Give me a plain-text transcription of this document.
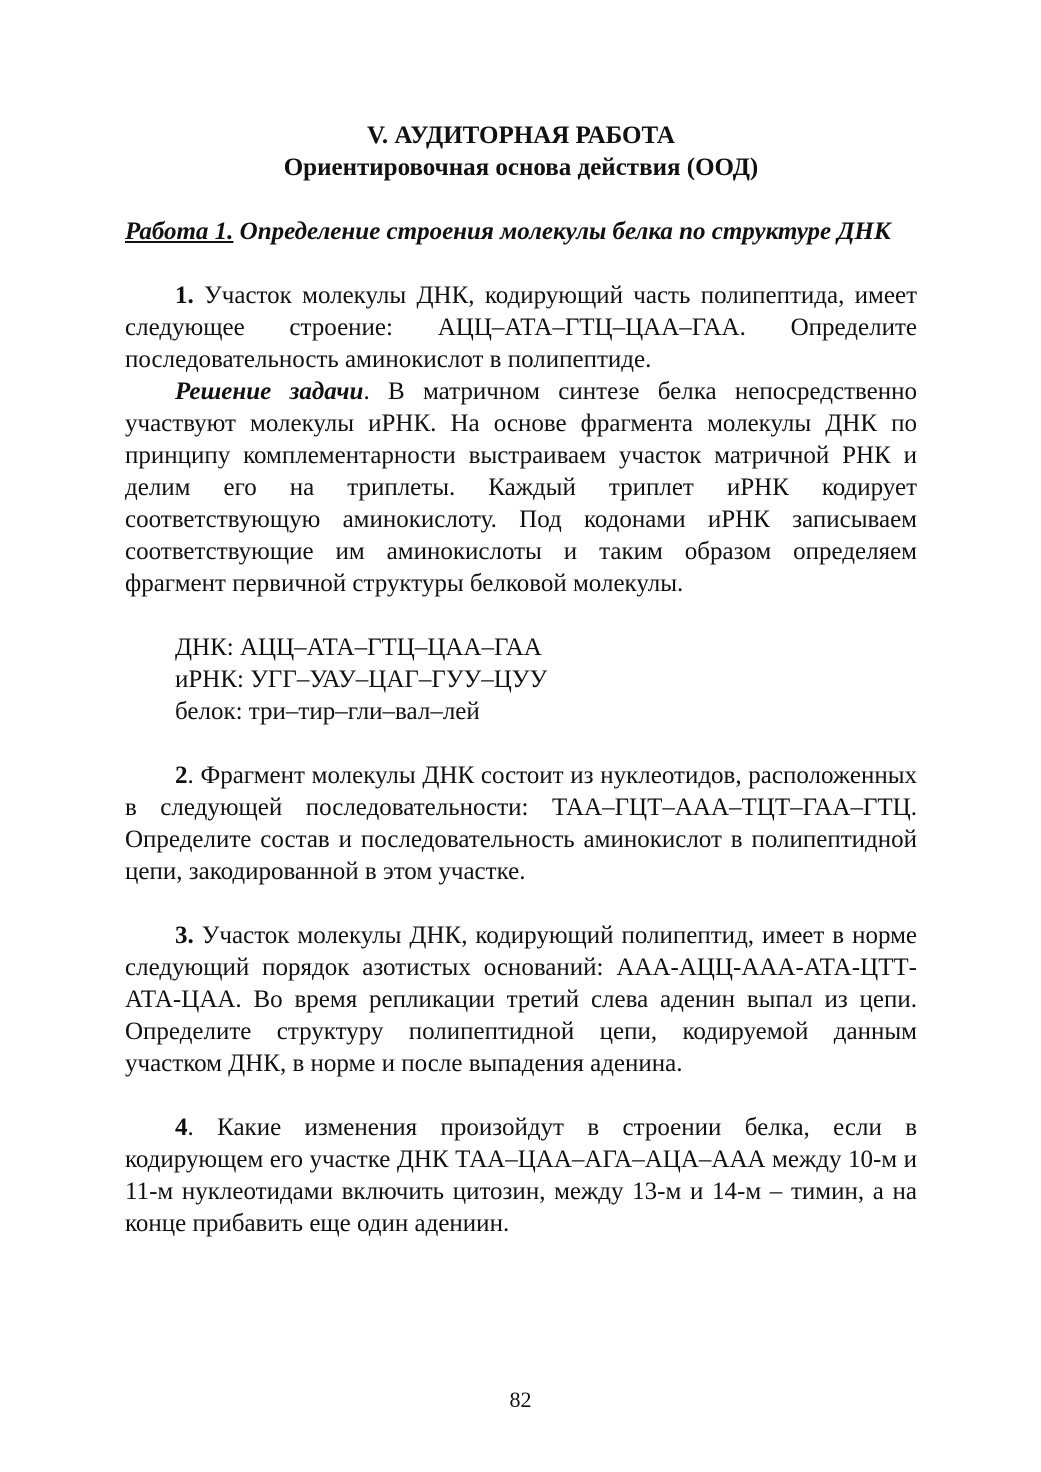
V. АУДИТОРНАЯ РАБОТА

Ориентировочная основа действия (ООД)

Работа 1. Определение строения молекулы белка по структуре ДНК

1. Участок молекулы ДНК, кодирующий часть полипептида, имеет следующее строение: АЦЦ–АТА–ГТЦ–ЦАА–ГАА. Определите последовательность аминокислот в полипептиде.

Решение задачи. В матричном синтезе белка непосредственно участвуют молекулы иРНК. На основе фрагмента молекулы ДНК по принципу комплементарности выстраиваем участок матричной РНК и делим его на триплеты. Каждый триплет иРНК кодирует соответствующую аминокислоту. Под кодонами иРНК записываем соответствующие им аминокислоты и таким образом определяем фрагмент первичной структуры белковой молекулы.

ДНК: АЦЦ–АТА–ГТЦ–ЦАА–ГАА

иРНК: УГГ–УАУ–ЦАГ–ГУУ–ЦУУ

белок: три–тир–гли–вал–лей

2. Фрагмент молекулы ДНК состоит из нуклеотидов, расположенных в следующей последовательности: ТАА–ГЦТ–ААА–ТЦТ–ГАА–ГТЦ. Определите состав и последовательность аминокислот в полипептидной цепи, закодированной в этом участке.

3. Участок молекулы ДНК, кодирующий полипептид, имеет в норме следующий порядок азотистых оснований: ААА-АЦЦ-ААА-АТА-ЦТТ-АТА-ЦАА. Во время репликации третий слева аденин выпал из цепи. Определите структуру полипептидной цепи, кодируемой данным участком ДНК, в норме и после выпадения аденина.

4. Какие изменения произойдут в строении белка, если в кодирующем его участке ДНК ТАА–ЦАА–АГА–АЦА–ААА между 10-м и 11-м нуклеотидами включить цитозин, между 13-м и 14-м – тимин, а на конце прибавить еще один адениин.

82
